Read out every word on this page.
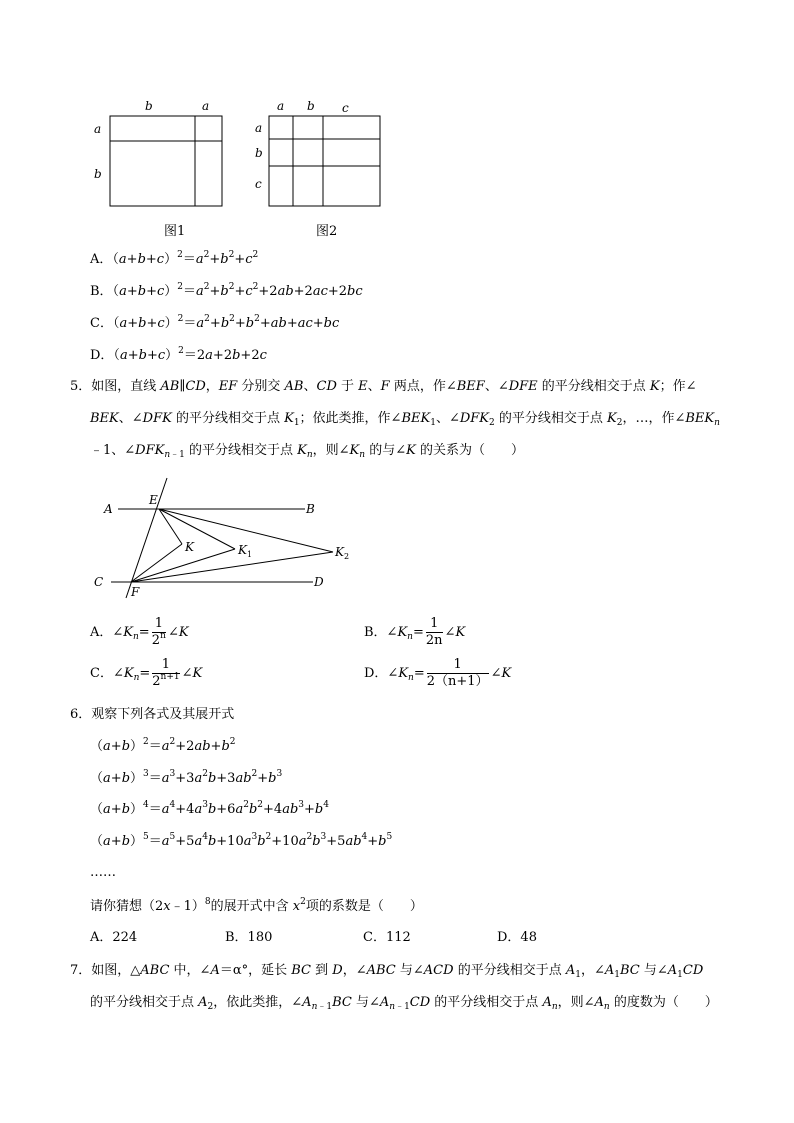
b	a
a
b
图1
a b c
a
b
c
图2
A．$(a+b+c)^2=a^2+b^2+c^2$
B．$(a+b+c)^2=a^2+b^2+c^2+2ab+2ac+2bc$
C．$(a+b+c)^2=a^2+b^2+b^2+ab+ac+bc$
D．$(a+b+c)^2=2a+2b+2c$
5．如图，直线 AB∥CD，EF 分别交 AB、CD 于 E、F 两点，作∠BEF、∠DFE 的平分线相交于点 K；作∠
BEK、∠DFK 的平分线相交于点 $K_1$；依此类推，作$\angle BEK_1$、$\angle DFK_2$ 的平分线相交于点 $K_2$，…，作$\angle BEK_n$
﹣1、$\angle DFK_{n﹣1}$ 的平分线相交于点 $K_n$，则$\angle K_n$ 的与∠K 的关系为（　　）
A	B
C	D
E
F
K	K 1	K 2
A．$\angle K_n= \frac{1}{2^n}$ ∠K	B．$\angle K_n= \frac{1}{2n}$ ∠K
C．$\angle K_n= \frac{1}{2^{n+1}}$ ∠K	D．$\angle K_n= \frac{1}{2(n+1)}$ ∠K
6．观察下列各式及其展开式
$(a+b)^2=a^2+2ab+b^2$
$(a+b)^3=a^3+3a^2b+3ab^2+b^3$
$(a+b)^4=a^4+4a^3b+6a^2b^2+4ab^3+b^4$
$(a+b)^5=a^5+5a^4b+10a^3b^2+10a^2b^3+5ab^4+b^5$
……
请你猜想（2x﹣1）$^8$的展开式中含 $x^2$项的系数是（　　）
A．224	B．180	C．112	D．48
7．如图，△ABC 中，∠A＝α°，延长 BC 到 D，∠ABC 与∠ACD 的平分线相交于点 $A_1$，$\angle A_1BC$ 与$\angle A_1CD$
的平分线相交于点 $A_2$，依此类推，$\angle A_{n﹣1}BC$ 与$\angle A_{n﹣1}CD$ 的平分线相交于点 $A_n$，则$\angle A_n$ 的度数为（　　）
